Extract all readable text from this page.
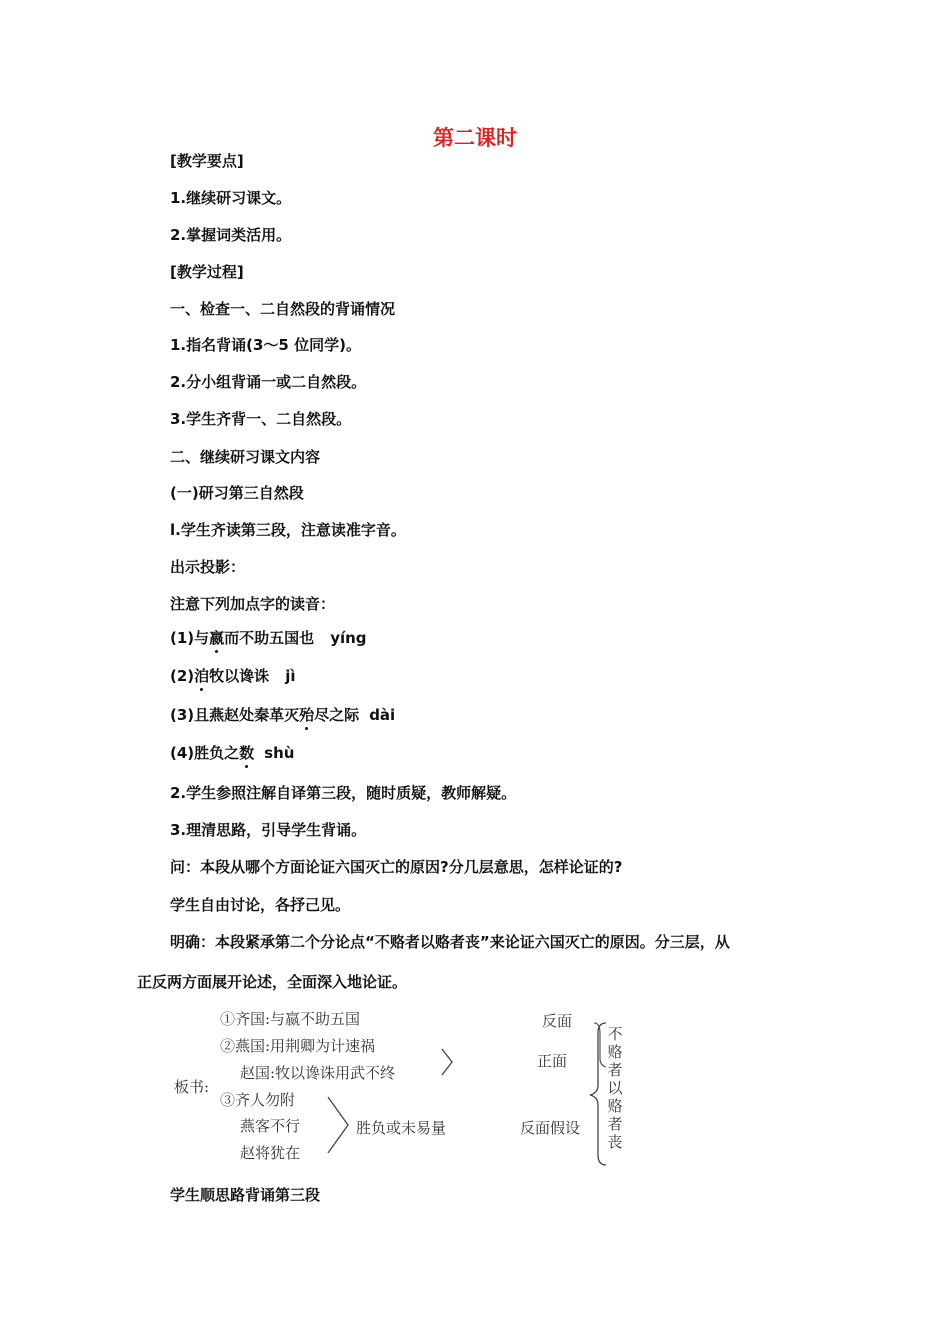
第二课时
[教学要点]
1.继续研习课文。
2.掌握词类活用。
[教学过程]
一、检查一、二自然段的背诵情况
1.指名背诵(3～5 位同学)。
2.分小组背诵一或二自然段。
3.学生齐背一、二自然段。
二、继续研习课文内容
(一)研习第三自然段
l.学生齐读第三段，注意读准字音。
出示投影：
注意下列加点字的读音：
(1)与嬴而不助五国也 yíng
(2)洎牧以谗诛 jì
(3)且燕赵处秦革灭殆尽之际 dài
(4)胜负之数 shù
2.学生参照注解自译第三段，随时质疑，教师解疑。
3.理清思路，引导学生背诵。
问：本段从哪个方面论证六国灭亡的原因?分几层意思，怎样论证的?
学生自由讨论，各抒己见。
明确：本段紧承第二个分论点“不赂者以赂者丧”来论证六国灭亡的原因。分三层，从
正反两方面展开论述，全面深入地论证。
板书:
①齐国:与嬴不助五国
②燕国:用荆卿为计速祸
赵国:牧以谗诛用武不终
③齐人勿附
燕客不行
赵将犹在
胜负或未易量
反面
正面
反面假设
不赂者以
赂者丧
学生顺思路背诵第三段
